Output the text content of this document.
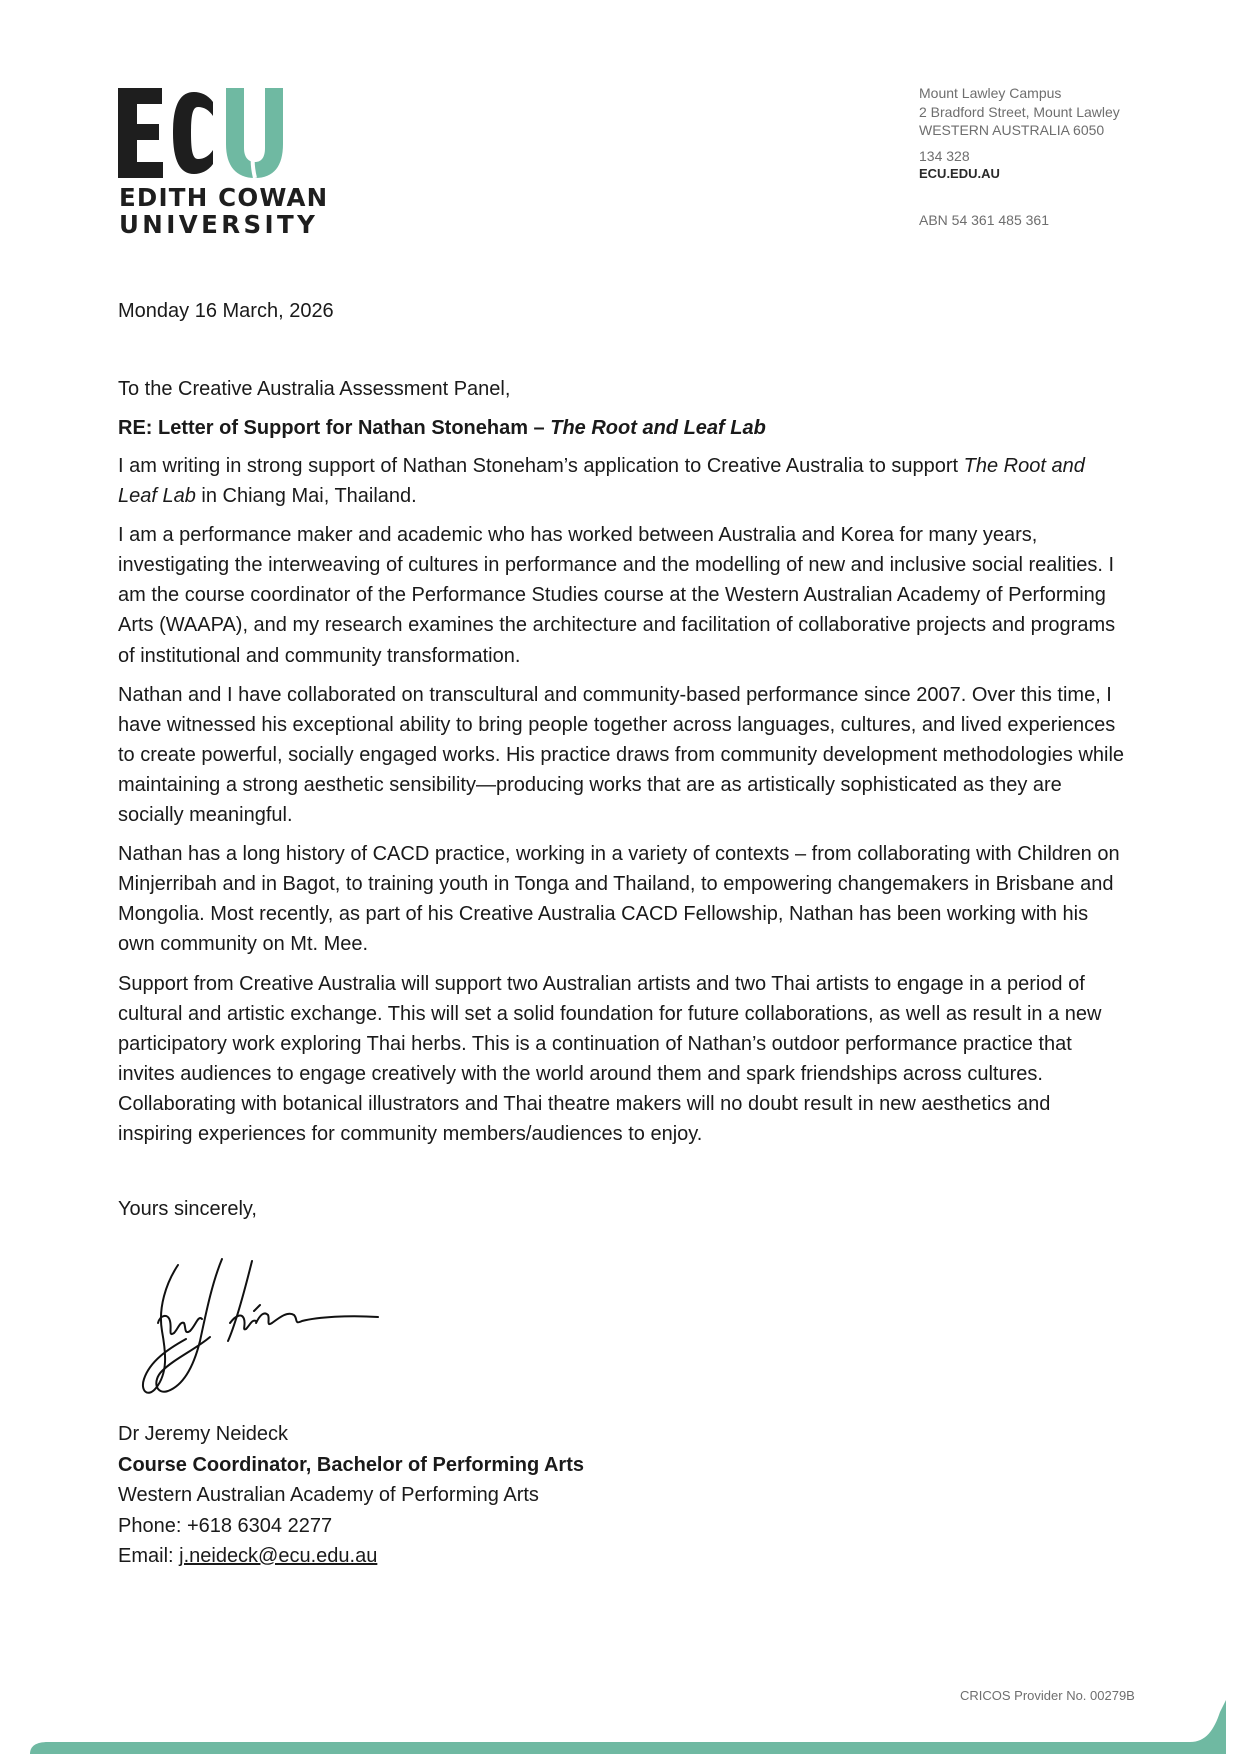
EDITH COWAN
UNIVERSITY
Mount Lawley Campus
2 Bradford Street, Mount Lawley
WESTERN AUSTRALIA 6050
134 328
ECU.EDU.AU
ABN 54 361 485 361
Monday 16 March, 2026
To the Creative Australia Assessment Panel,
RE: Letter of Support for Nathan Stoneham – The Root and Leaf Lab

I am writing in strong support of Nathan Stoneham’s application to Creative Australia to support The Root and Leaf Lab in Chiang Mai, Thailand.

I am a performance maker and academic who has worked between Australia and Korea for many years, investigating the interweaving of cultures in performance and the modelling of new and inclusive social realities. I am the course coordinator of the Performance Studies course at the Western Australian Academy of Performing Arts (WAAPA), and my research examines the architecture and facilitation of collaborative projects and programs of institutional and community transformation.

Nathan and I have collaborated on transcultural and community-based performance since 2007. Over this time, I have witnessed his exceptional ability to bring people together across languages, cultures, and lived experiences to create powerful, socially engaged works. His practice draws from community development methodologies while maintaining a strong aesthetic sensibility—producing works that are as artistically sophisticated as they are socially meaningful.

Nathan has a long history of CACD practice, working in a variety of contexts – from collaborating with Children on Minjerribah and in Bagot, to training youth in Tonga and Thailand, to empowering changemakers in Brisbane and Mongolia. Most recently, as part of his Creative Australia CACD Fellowship, Nathan has been working with his own community on Mt. Mee.

Support from Creative Australia will support two Australian artists and two Thai artists to engage in a period of cultural and artistic exchange. This will set a solid foundation for future collaborations, as well as result in a new participatory work exploring Thai herbs. This is a continuation of Nathan’s outdoor performance practice that invites audiences to engage creatively with the world around them and spark friendships across cultures. Collaborating with botanical illustrators and Thai theatre makers will no doubt result in new aesthetics and inspiring experiences for community members/audiences to enjoy.

Yours sincerely,
Dr Jeremy Neideck
Course Coordinator, Bachelor of Performing Arts
Western Australian Academy of Performing Arts
Phone: +618 6304 2277
Email: j.neideck@ecu.edu.au
CRICOS Provider No. 00279B
